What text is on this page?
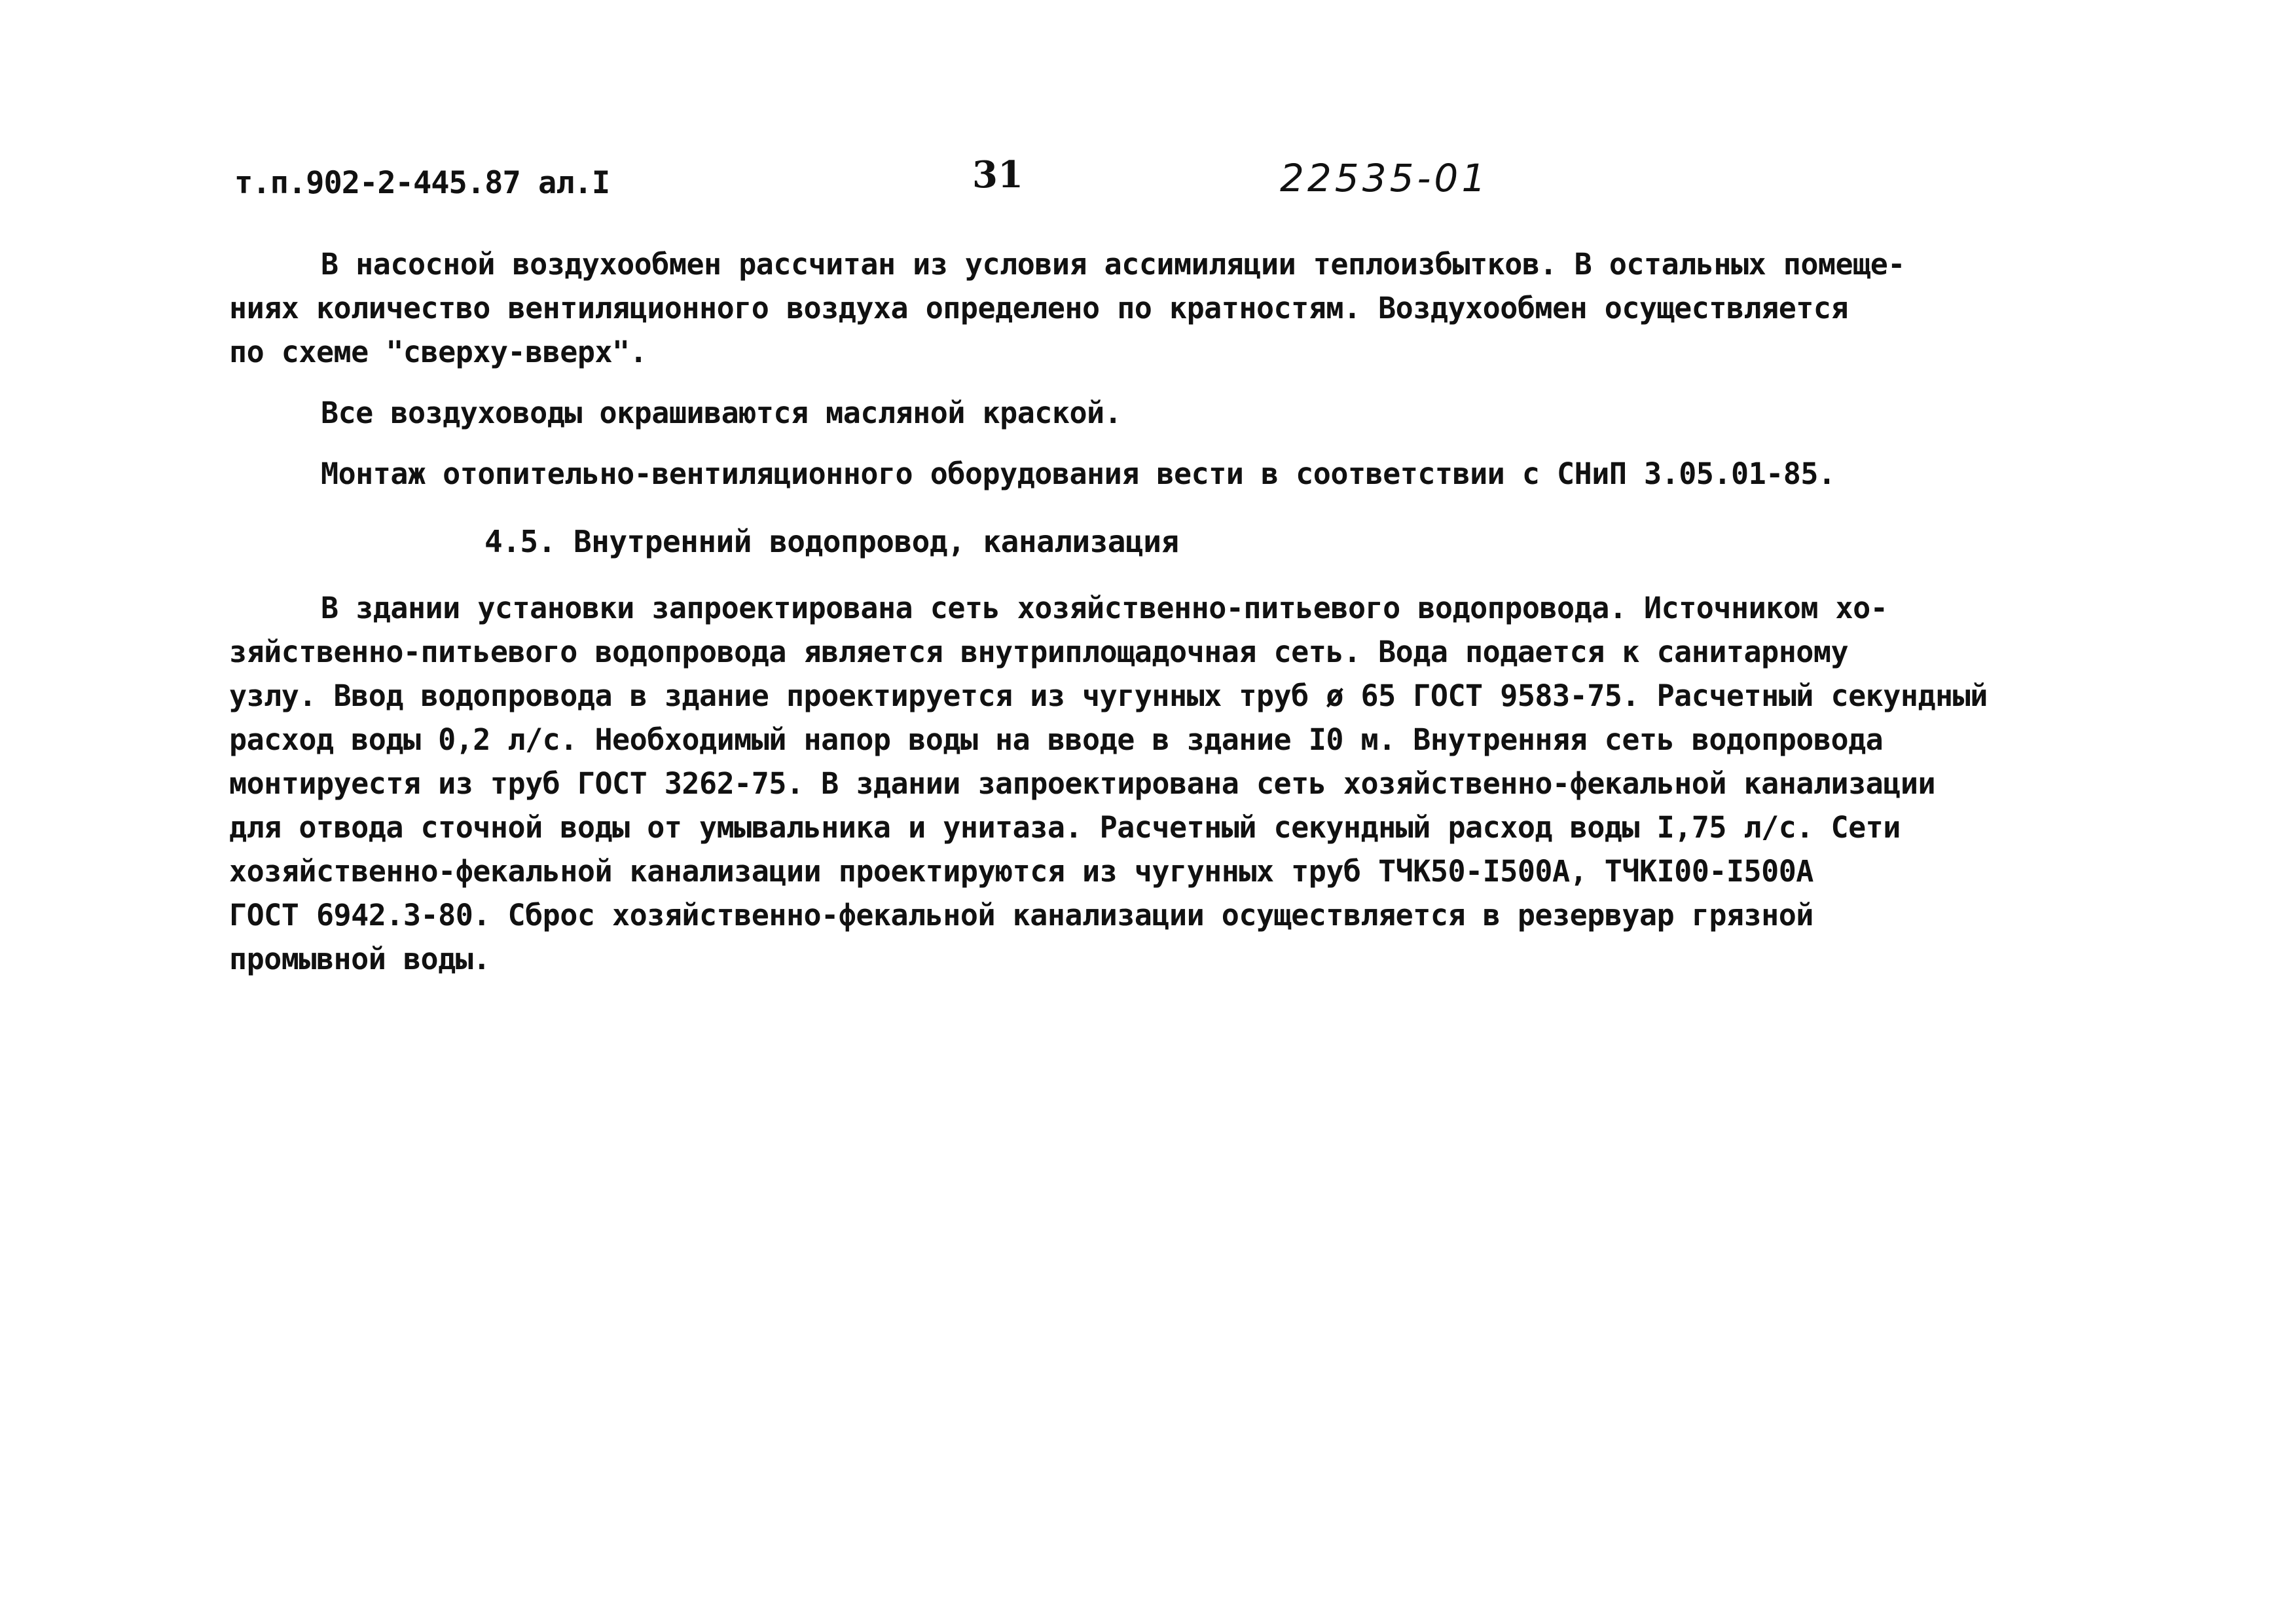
т.п.902-2-445.87 ал.I	31	22535-01
В насосной воздухообмен рассчитан из условия ассимиляции теплоизбытков. В остальных помеще-
ниях количество вентиляционного воздуха определено по кратностям. Воздухообмен осуществляется
по схеме "сверху-вверх".
Все воздуховоды окрашиваются масляной краской.
Монтаж отопительно-вентиляционного оборудования вести в соответствии с СНиП 3.05.01-85.
4.5. Внутренний водопровод, канализация
В здании установки запроектирована сеть хозяйственно-питьевого водопровода. Источником хо-
зяйственно-питьевого водопровода является внутриплощадочная сеть. Вода подается к санитарному
узлу. Ввод водопровода в здание проектируется из чугунных труб ø 65 ГОСТ 9583-75. Расчетный секундный
расход воды 0,2 л/с. Необходимый напор воды на вводе в здание I0 м. Внутренняя сеть водопровода
монтируестя из труб ГОСТ 3262-75. В здании запроектирована сеть хозяйственно-фекальной канализации
для отвода сточной воды от умывальника и унитаза. Расчетный секундный расход воды I,75 л/с. Сети
хозяйственно-фекальной канализации проектируются из чугунных труб ТЧК50-I500А, ТЧКI00-I500А
ГОСТ 6942.3-80. Сброс хозяйственно-фекальной канализации осуществляется в резервуар грязной
промывной воды.
